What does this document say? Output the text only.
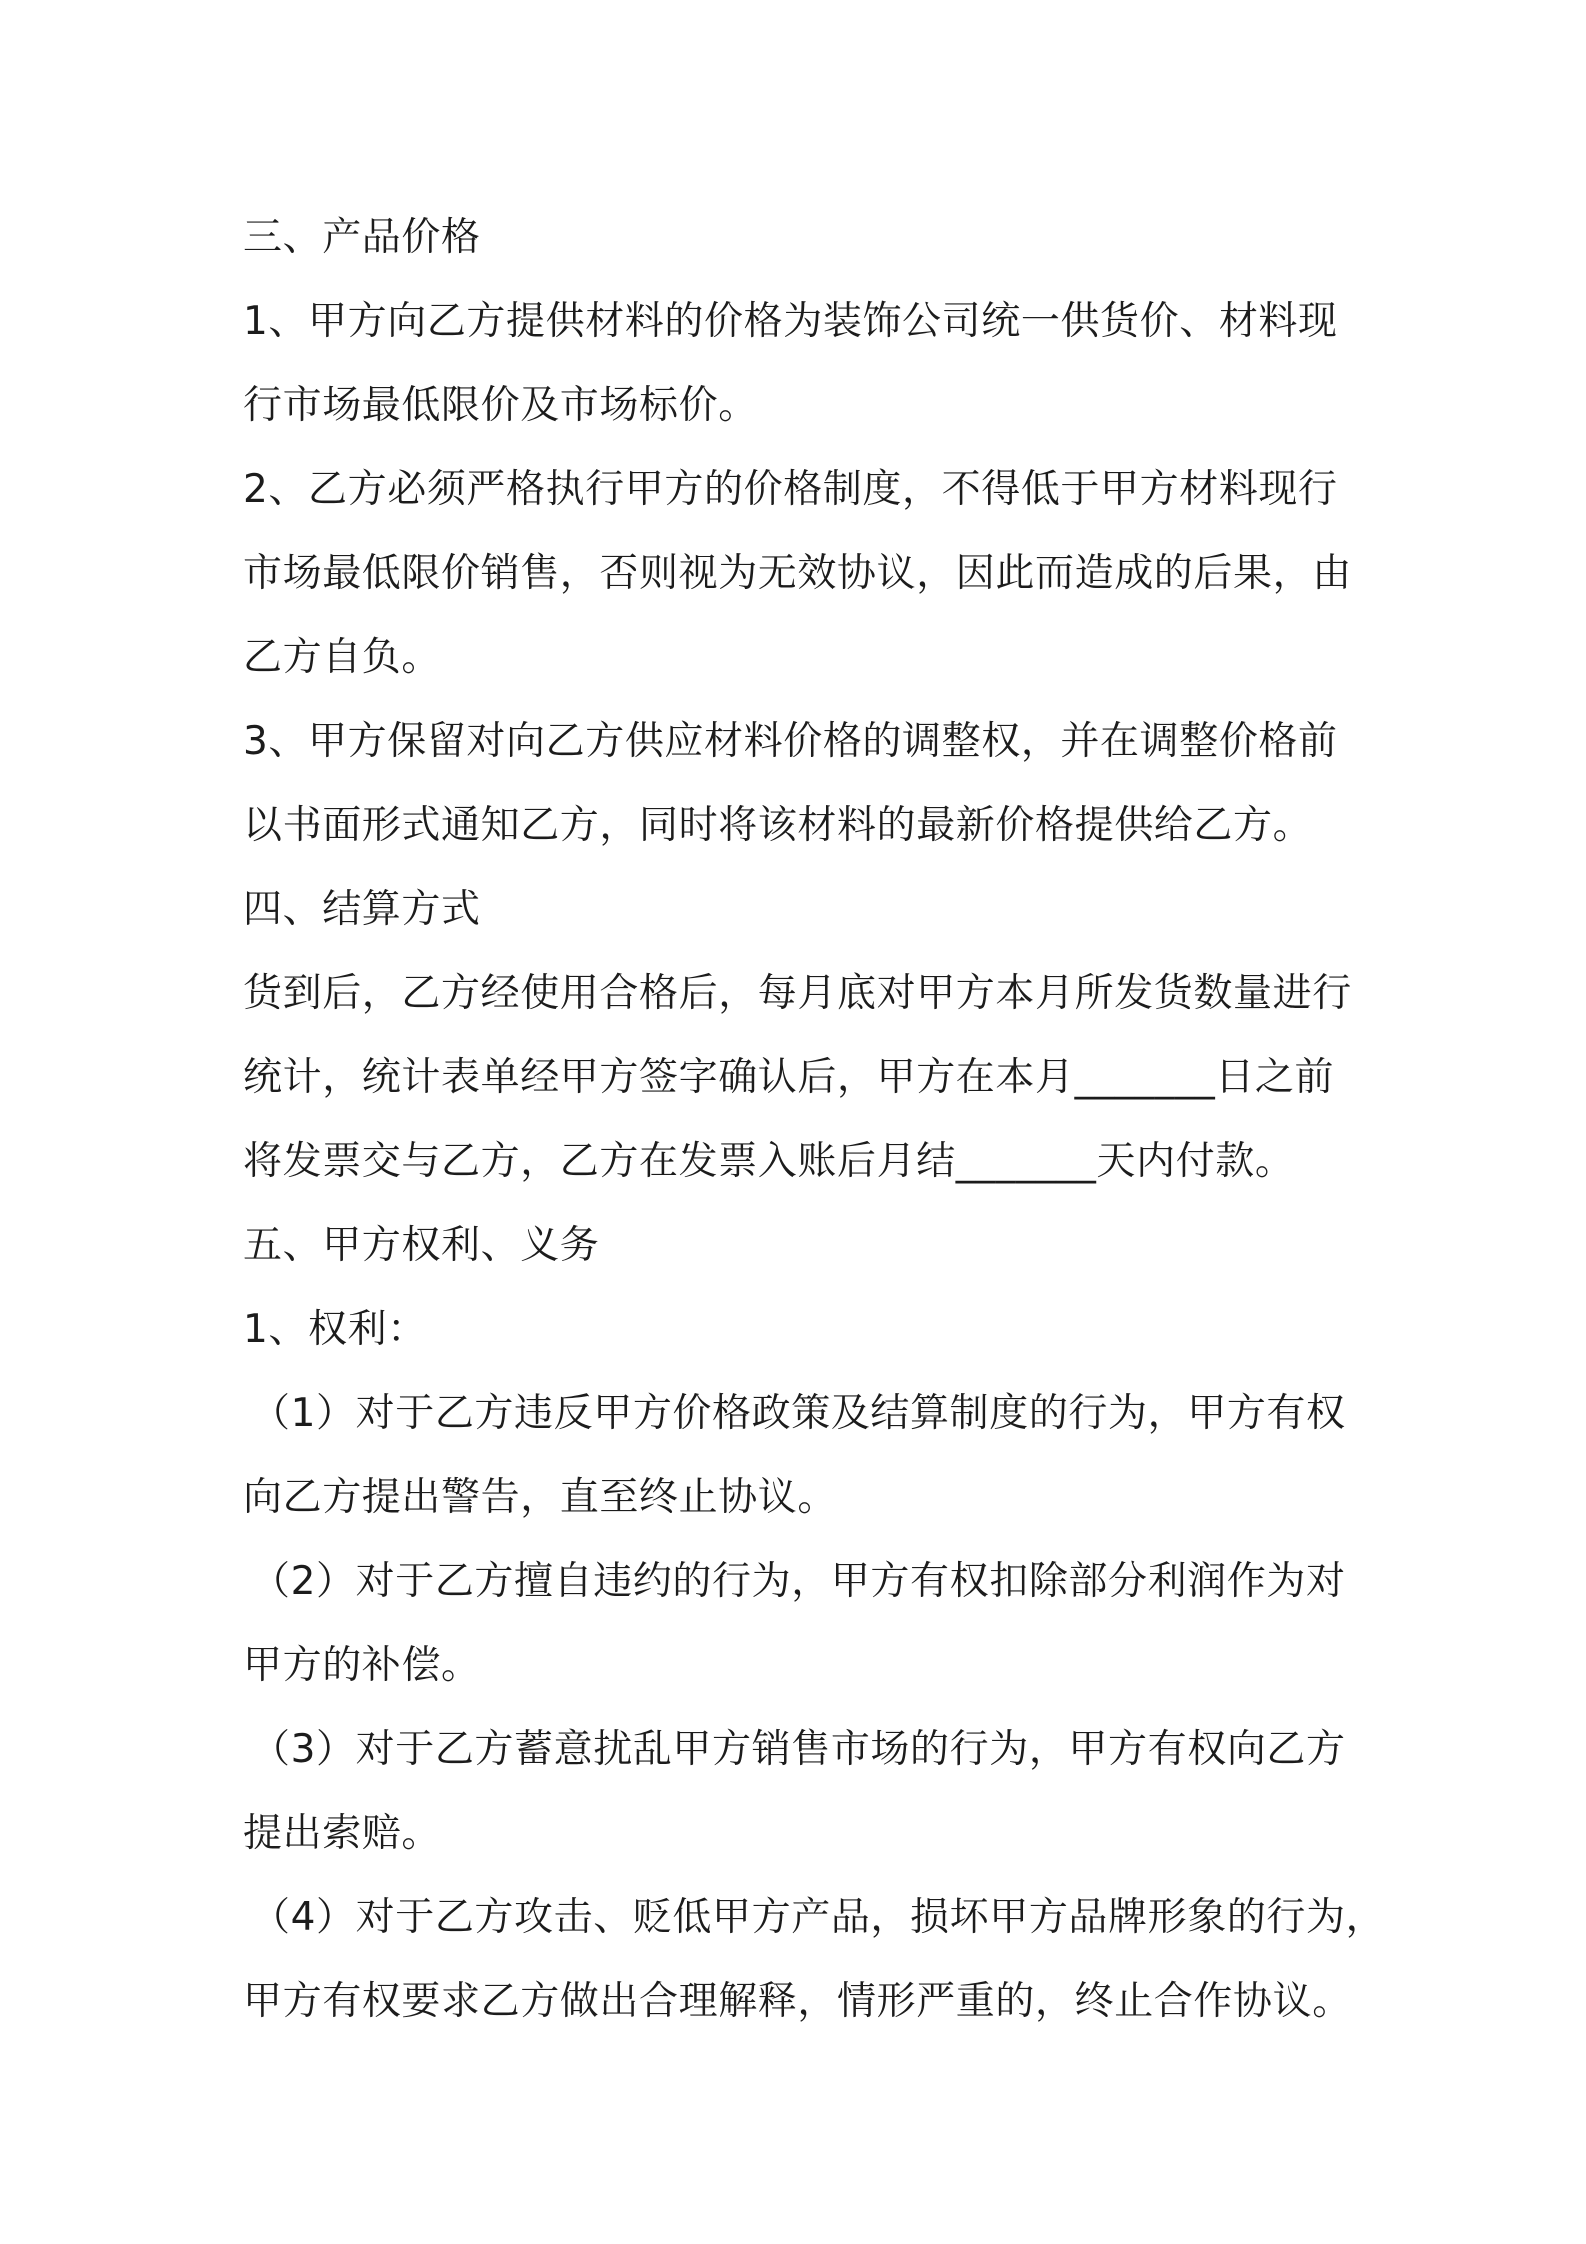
三、产品价格
1、甲方向乙方提供材料的价格为装饰公司统一供货价、材料现
行市场最低限价及市场标价。
2、乙方必须严格执行甲方的价格制度，不得低于甲方材料现行
市场最低限价销售，否则视为无效协议，因此而造成的后果，由
乙方自负。
3、甲方保留对向乙方供应材料价格的调整权，并在调整价格前
以书面形式通知乙方，同时将该材料的最新价格提供给乙方。
四、结算方式
货到后，乙方经使用合格后，每月底对甲方本月所发货数量进行
统计，统计表单经甲方签字确认后，甲方在本月_______日之前
将发票交与乙方，乙方在发票入账后月结_______天内付款。
五、甲方权利、义务
1、权利：
（1）对于乙方违反甲方价格政策及结算制度的行为，甲方有权
向乙方提出警告，直至终止协议。
（2）对于乙方擅自违约的行为，甲方有权扣除部分利润作为对
甲方的补偿。
（3）对于乙方蓄意扰乱甲方销售市场的行为，甲方有权向乙方
提出索赔。
（4）对于乙方攻击、贬低甲方产品，损坏甲方品牌形象的行为，
甲方有权要求乙方做出合理解释，情形严重的，终止合作协议。
